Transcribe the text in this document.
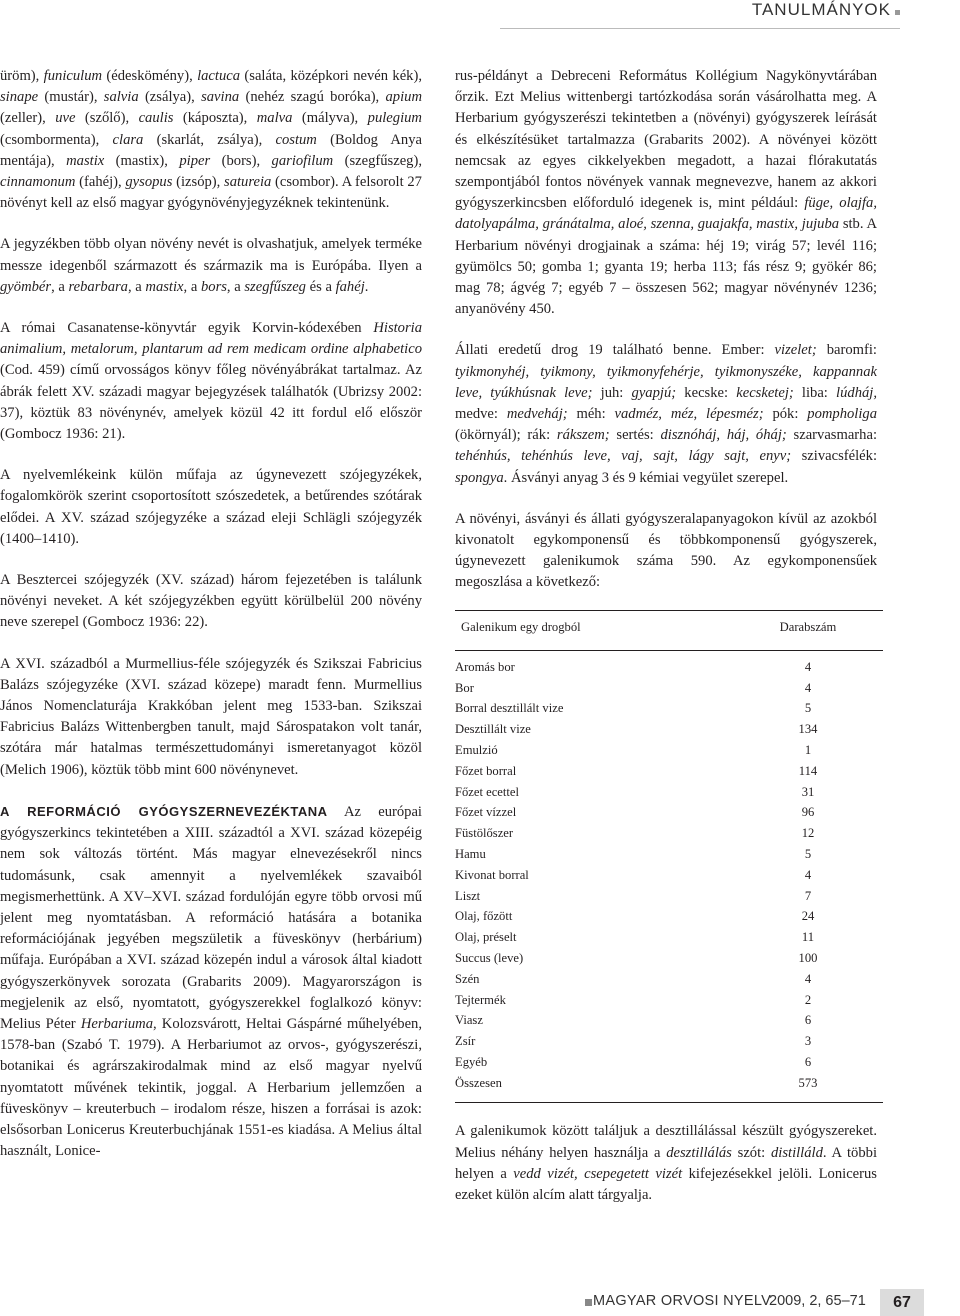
TANULMÁNYOK

üröm), funiculum (édeskömény), lactuca (saláta, középkori nevén kék), sinape (mustár), salvia (zsálya), savina (nehéz szagú boróka), apium (zeller), uve (szőlő), caulis (káposzta), malva (mályva), pulegium (csombormenta), clara (skarlát, zsálya), costum (Boldog Anya mentája), mastix (mastix), piper (bors), gariofilum (szegfűszeg), cinnamonum (fahéj), gysopus (izsóp), satureia (csombor). A felsorolt 27 növényt kell az első magyar gyógynövényjegyzéknek tekintenünk.

A jegyzékben több olyan növény nevét is olvashatjuk, amelyek terméke messze idegenből származott és származik ma is Európába. Ilyen a gyömbér, a rebarbara, a mastix, a bors, a szegfűszeg és a fahéj.

A római Casanatense-könyvtár egyik Korvin-kódexében Historia animalium, metalorum, plantarum ad rem medicam ordine alphabetico (Cod. 459) című orvosságos könyv főleg növényábrákat tartalmaz. Az ábrák felett XV. századi magyar bejegyzések találhatók (Ubrizsy 2002: 37), köztük 83 növénynév, amelyek közül 42 itt fordul elő először (Gombocz 1936: 21).

A nyelvemlékeink külön műfaja az úgynevezett szójegyzékek, fogalomkörök szerint csoportosított szószedetek, a betűrendes szótárak elődei. A XV. század szójegyzéke a század eleji Schlägli szójegyzék (1400–1410).

A Besztercei szójegyzék (XV. század) három fejezetében is találunk növényi neveket. A két szójegyzékben együtt körülbelül 200 növény neve szerepel (Gombocz 1936: 22).

A XVI. századból a Murmellius-féle szójegyzék és Szikszai Fabricius Balázs szójegyzéke (XVI. század közepe) maradt fenn. Murmellius János Nomenclaturája Krakkóban jelent meg 1533-ban. Szikszai Fabricius Balázs Wittenbergben tanult, majd Sárospatakon volt tanár, szótára már hatalmas természettudományi ismeretanyagot közöl (Melich 1906), köztük több mint 600 növénynevet.

A REFORMÁCIÓ GYÓGYSZERNEVEZÉKTANA Az európai gyógyszerkincs tekintetében a XIII. századtól a XVI. század közepéig nem sok változás történt. Más magyar elnevezésekről nincs tudomásunk, csak amennyit a nyelvemlékek szavaiból megismerhettünk. A XV–XVI. század fordulóján egyre több orvosi mű jelent meg nyomtatásban. A reformáció hatására a botanika reformációjának jegyében megszületik a füveskönyv (herbárium) műfaja. Európában a XVI. század közepén indul a városok által kiadott gyógyszerkönyvek sorozata (Grabarits 2009). Magyarországon is megjelenik az első, nyomtatott, gyógyszerekkel foglalkozó könyv: Melius Péter Herbariuma, Kolozsvárott, Heltai Gáspárné műhelyében, 1578-ban (Szabó T. 1979). A Herbariumot az orvos-, gyógyszerészi, botanikai és agrárszakirodalmak mind az első magyar nyelvű nyomtatott művének tekintik, joggal. A Herbarium jellemzően a füveskönyv – kreuterbuch – irodalom része, hiszen a forrásai is azok: elsősorban Lonicerus Kreuterbuchjának 1551-es kiadása. A Melius által használt, Lonice-

rus-példányt a Debreceni Református Kollégium Nagykönyvtárában őrzik. Ezt Melius wittenbergi tartózkodása során vásárolhatta meg. A Herbarium gyógyszerészi tekintetben a (növényi) gyógyszerek leírását és elkészítésüket tartalmazza (Grabarits 2002). A növényei között nemcsak az egyes cikkelyekben megadott, a hazai flórakutatás szempontjából fontos növények vannak megnevezve, hanem az akkori gyógyszerkincsben előforduló idegenek is, mint például: füge, olajfa, datolyapálma, gránátalma, aloé, szenna, guajakfa, mastix, jujuba stb. A Herbarium növényi drogjainak a száma: héj 19; virág 57; levél 116; gyümölcs 50; gomba 1; gyanta 19; herba 113; fás rész 9; gyökér 86; mag 78; ágvég 7; egyéb 7 – összesen 562; magyar növénynév 1236; anyanövény 450.

Állati eredetű drog 19 található benne. Ember: vizelet; baromfi: tyikmonyhéj, tyikmony, tyikmonyfehérje, tyikmonyszéke, kappannak leve, tyúkhúsnak leve; juh: gyapjú; kecske: kecsketej; liba: lúdháj, medve: medveháj; méh: vadméz, méz, lépesméz; pók: pompholiga (ökörnyál); rák: rákszem; sertés: disznóháj, háj, óháj; szarvasmarha: tehénhús, tehénhús leve, vaj, sajt, lágy sajt, enyv; szivacsfélék: spongya. Ásványi anyag 3 és 9 kémiai vegyület szerepel.

A növényi, ásványi és állati gyógyszeralapanyagokon kívül az azokból kivonatolt egykomponensű és többkomponensű gyógyszerek, úgynevezett galenikumok száma 590. Az egykomponensűek megoszlása a következő:

Galenikum egy drogból	Darabszám
Aromás bor	4
Bor	4
Borral desztillált vize	5
Desztillált vize	134
Emulzió	1
Főzet borral	114
Főzet ecettel	31
Főzet vízzel	96
Füstölőszer	12
Hamu	5
Kivonat borral	4
Liszt	7
Olaj, főzött	24
Olaj, préselt	11
Succus (leve)	100
Szén	4
Tejtermék	2
Viasz	6
Zsír	3
Egyéb	6
Összesen	573

A galenikumok között találjuk a desztillálással készült gyógyszereket. Melius néhány helyen használja a desztillálás szót: distilláld. A többi helyen a vedd vizét, csepegetett vizét kifejezésekkel jelöli. Lonicerus ezeket külön alcím alatt tárgyalja.

MAGYAR ORVOSI NYELV
2009, 2, 65–71	67
